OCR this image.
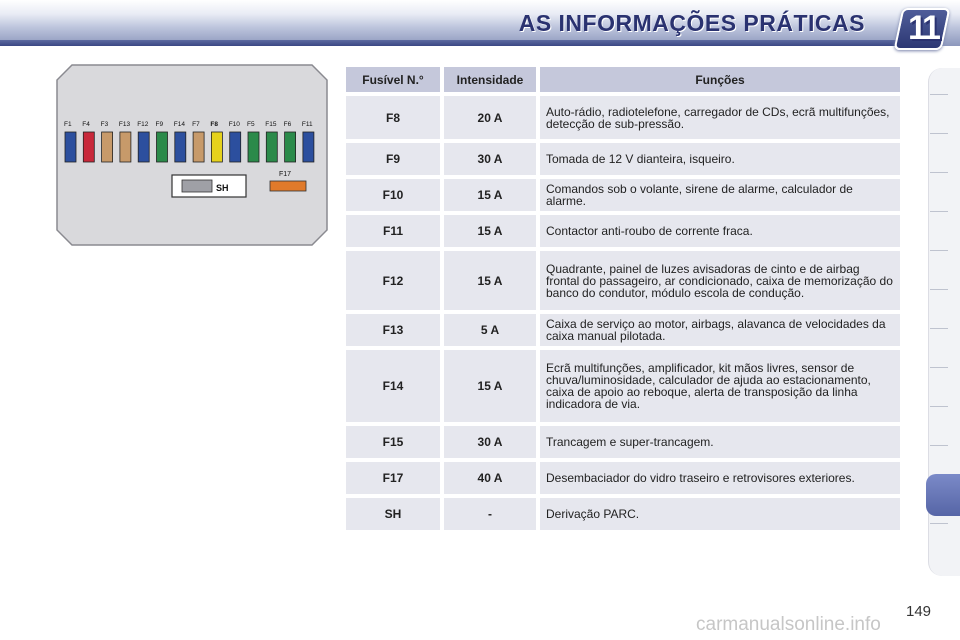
AS INFORMAÇÕES PRÁTICAS 11
F1 F4 F3 F13 F12 F9 F14 F7 F8 F10 F5 F15 F6 F11
SH
F17
Fusível N.°	Intensidade	Funções
F8	20 A	Auto-rádio, radiotelefone, carregador de CDs, ecrã multifunções, detecção de sub-pressão.
F9	30 A	Tomada de 12 V dianteira, isqueiro.
F10	15 A	Comandos sob o volante, sirene de alarme, calculador de alarme.
F11	15 A	Contactor anti-roubo de corrente fraca.
F12	15 A	Quadrante, painel de luzes avisadoras de cinto e de airbag frontal do passageiro, ar condicionado, caixa de memorização do banco do condutor, módulo escola de condução.
F13	5 A	Caixa de serviço ao motor, airbags, alavanca de velocidades da caixa manual pilotada.
F14	15 A	Ecrã multifunções, amplificador, kit mãos livres, sensor de chuva/luminosidade, calculador de ajuda ao estacionamento, caixa de apoio ao reboque, alerta de transposição da linha indicadora de via.
F15	30 A	Trancagem e super-trancagem.
F17	40 A	Desembaciador do vidro traseiro e retrovisores exteriores.
SH	-	Derivação PARC.
149
carmanualsonline.info
